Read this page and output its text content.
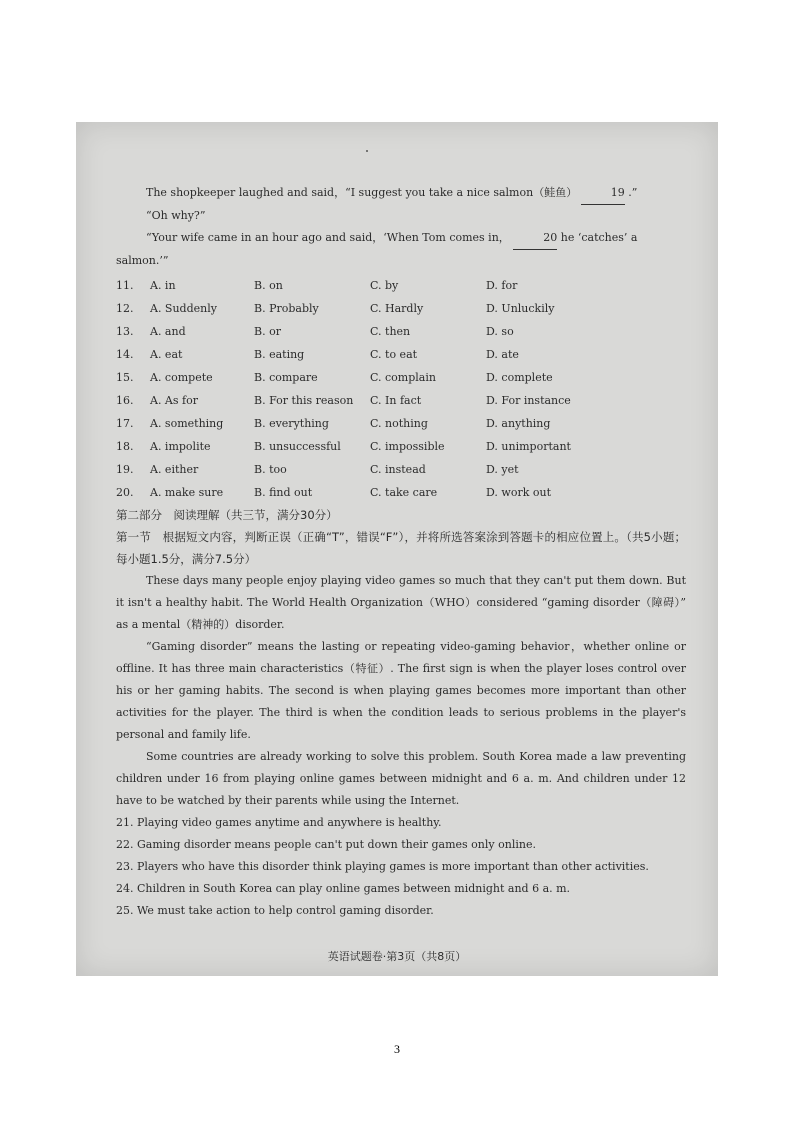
The shopkeeper laughed and said，“I suggest you take a nice salmon（鲑鱼）	19 .”

“Oh why?”

“Your wife came in an hour ago and said，‘When Tom comes in，	20 he ‘catches’ a salmon.’”

11.	A. in	B. on	C. by	D. for
12.	A. Suddenly	B. Probably	C. Hardly	D. Unluckily
13.	A. and	B. or	C. then	D. so
14.	A. eat	B. eating	C. to eat	D. ate
15.	A. compete	B. compare	C. complain	D. complete
16.	A. As for	B. For this reason	C. In fact	D. For instance
17.	A. something	B. everything	C. nothing	D. anything
18.	A. impolite	B. unsuccessful	C. impossible	D. unimportant
19.	A. either	B. too	C. instead	D. yet
20.	A. make sure	B. find out	C. take care	D. work out

第二部分　阅读理解（共三节，满分30分）

第一节　根据短文内容，判断正误（正确“T”，错误“F”），并将所选答案涂到答题卡的相应位置上。（共5小题；每小题1.5分，满分7.5分）

These days many people enjoy playing video games so much that they can't put them down. But it isn't a healthy habit. The World Health Organization（WHO）considered “gaming disorder（障碍）” as a mental（精神的）disorder.

“Gaming disorder” means the lasting or repeating video-gaming behavior，whether online or offline. It has three main characteristics（特征）. The first sign is when the player loses control over his or her gaming habits. The second is when playing games becomes more important than other activities for the player. The third is when the condition leads to serious problems in the player's personal and family life.

Some countries are already working to solve this problem. South Korea made a law preventing children under 16 from playing online games between midnight and 6 a. m. And children under 12 have to be watched by their parents while using the Internet.

21. Playing video games anytime and anywhere is healthy.

22. Gaming disorder means people can't put down their games only online.

23. Players who have this disorder think playing games is more important than other activities.

24. Children in South Korea can play online games between midnight and 6 a. m.

25. We must take action to help control gaming disorder.

英语试题卷·第3页（共8页）
3
